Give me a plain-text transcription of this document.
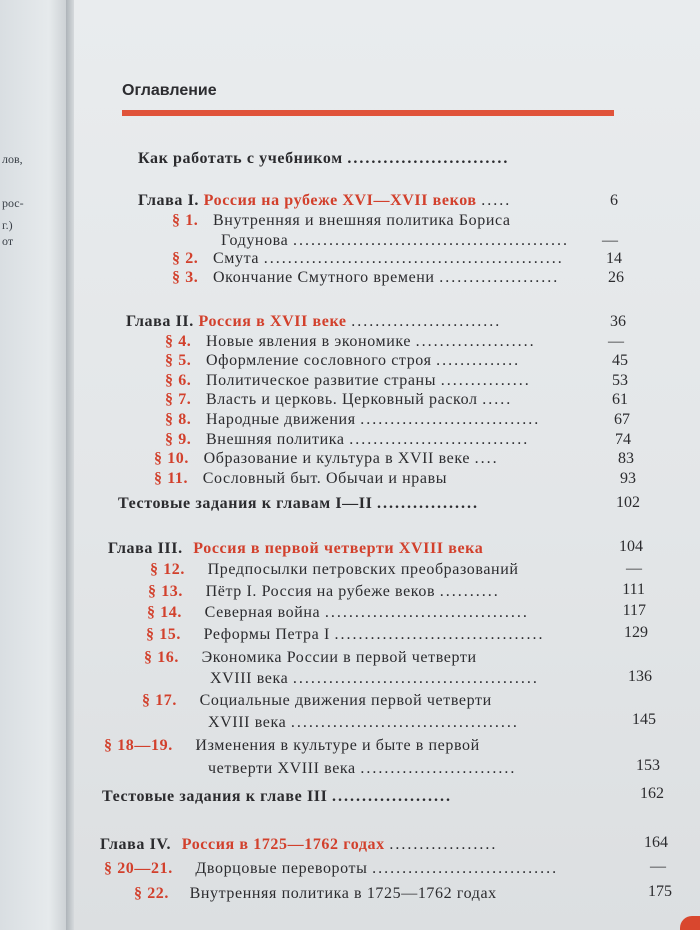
лов,
рос-
г.)
от
Оглавление
Как работать с учебником ...........................
Глава I. Россия на рубеже XVI—XVII веков .....	6
§ 1. Внутренняя и внешняя политика Бориса
Годунова ..............................................	—
§ 2. Смута ..................................................	14
§ 3. Окончание Смутного времени ....................	26
Глава II. Россия в XVII веке .........................	36
§ 4. Новые явления в экономике ....................	—
§ 5. Оформление сословного строя ..............	45
§ 6. Политическое развитие страны ...............	53
§ 7. Власть и церковь. Церковный раскол .....	61
§ 8. Народные движения ..............................	67
§ 9. Внешняя политика ..............................	74
§ 10. Образование и культура в XVII веке ....	83
§ 11. Сословный быт. Обычаи и нравы	93
Тестовые задания к главам I—II .................	102
Глава III. Россия в первой четверти XVIII века	104
§ 12. Предпосылки петровских преобразований	—
§ 13. Пётр I. Россия на рубеже веков ..........	111
§ 14. Северная война ..................................	117
§ 15. Реформы Петра I ...................................	129
§ 16. Экономика России в первой четверти
XVIII века .........................................	136
§ 17. Социальные движения первой четверти
XVIII века ......................................	145
§ 18—19. Изменения в культуре и быте в первой
четверти XVIII века ..........................	153
Тестовые задания к главе III ....................	162
Глава IV. Россия в 1725—1762 годах ..................	164
§ 20—21. Дворцовые перевороты ...............................	—
§ 22. Внутренняя политика в 1725—1762 годах	175
